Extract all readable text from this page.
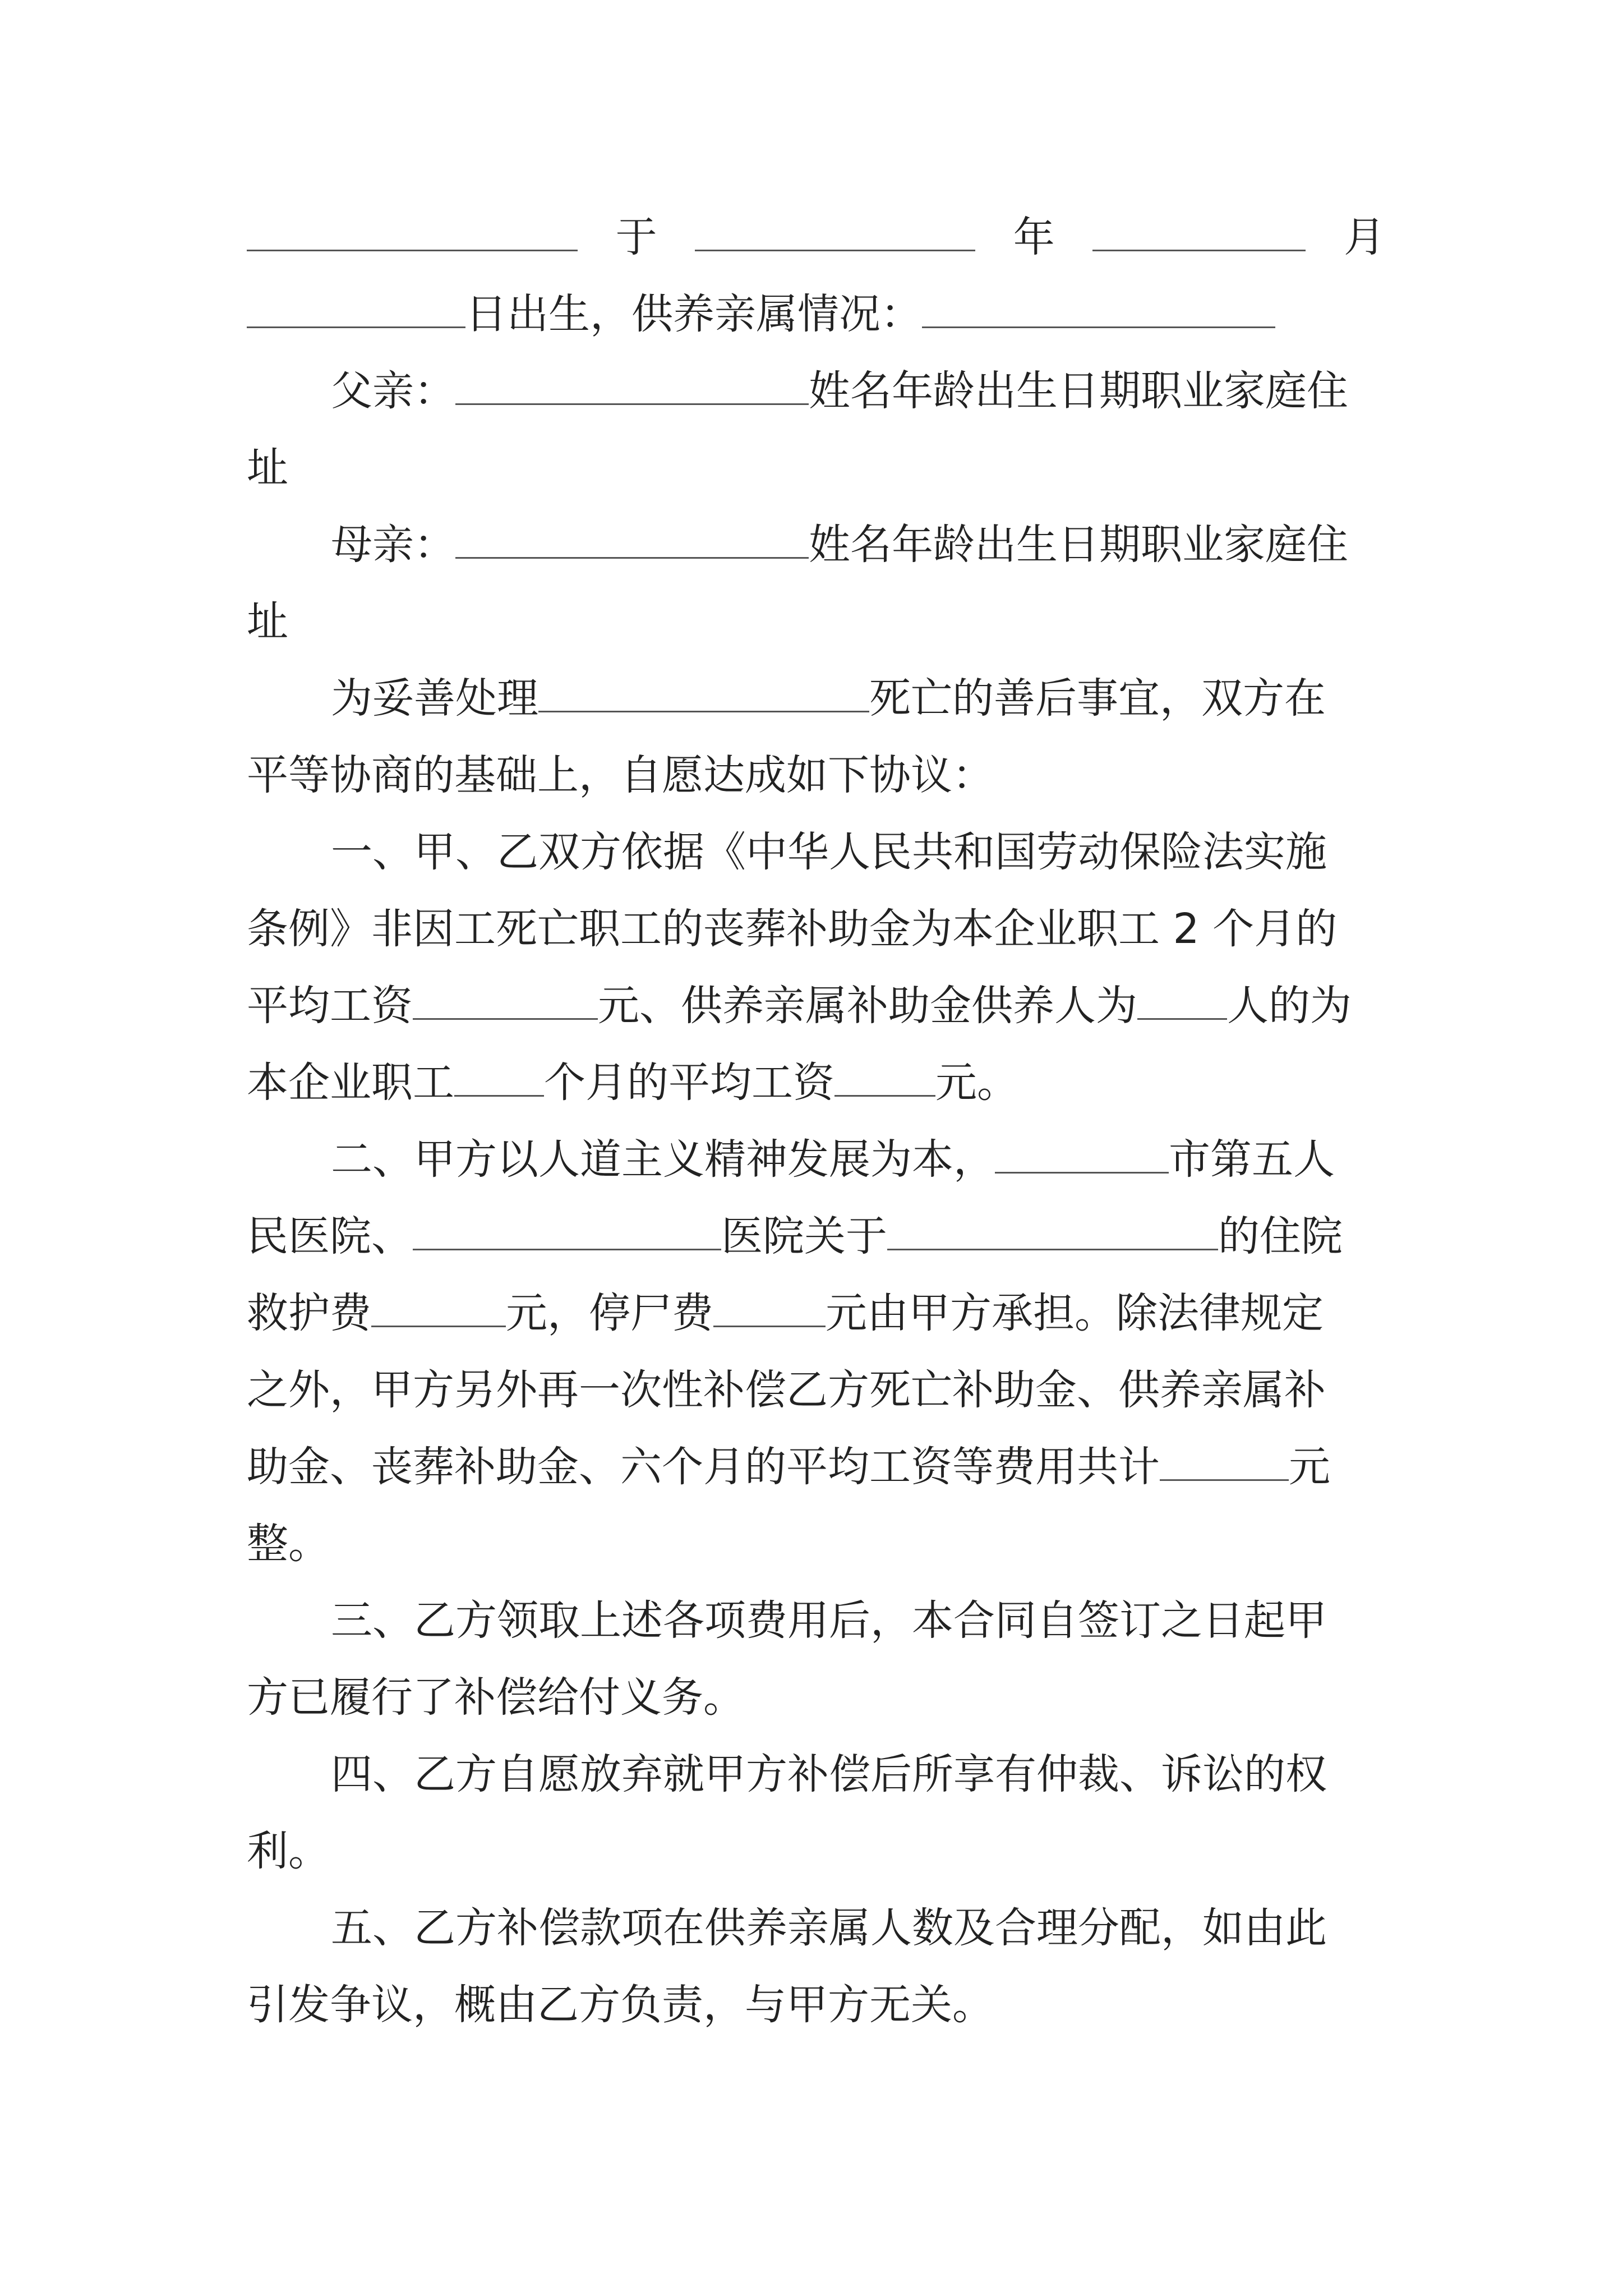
于	年	月
日出生，供养亲属情况：
父亲：	姓名年龄出生日期职业家庭住
址
母亲：	姓名年龄出生日期职业家庭住
址
为妥善处理	死亡的善后事宜，双方在
平等协商的基础上，自愿达成如下协议：
一、甲、乙双方依据《中华人民共和国劳动保险法实施
条例》非因工死亡职工的丧葬补助金为本企业职工 2 个月的
平均工资	元、供养亲属补助金供养人为 人的为
本企业职工 个月的平均工资 元。
二、甲方以人道主义精神发展为本，	市第五人
民医院、	医院关于	的住院
救护费	元，停尸费	元由甲方承担。除法律规定
之外，甲方另外再一次性补偿乙方死亡补助金、供养亲属补
助金、丧葬补助金、六个月的平均工资等费用共计	元
整。
三、乙方领取上述各项费用后，本合同自签订之日起甲
方已履行了补偿给付义务。
四、乙方自愿放弃就甲方补偿后所享有仲裁、诉讼的权
利。
五、乙方补偿款项在供养亲属人数及合理分配，如由此
引发争议，概由乙方负责，与甲方无关。
